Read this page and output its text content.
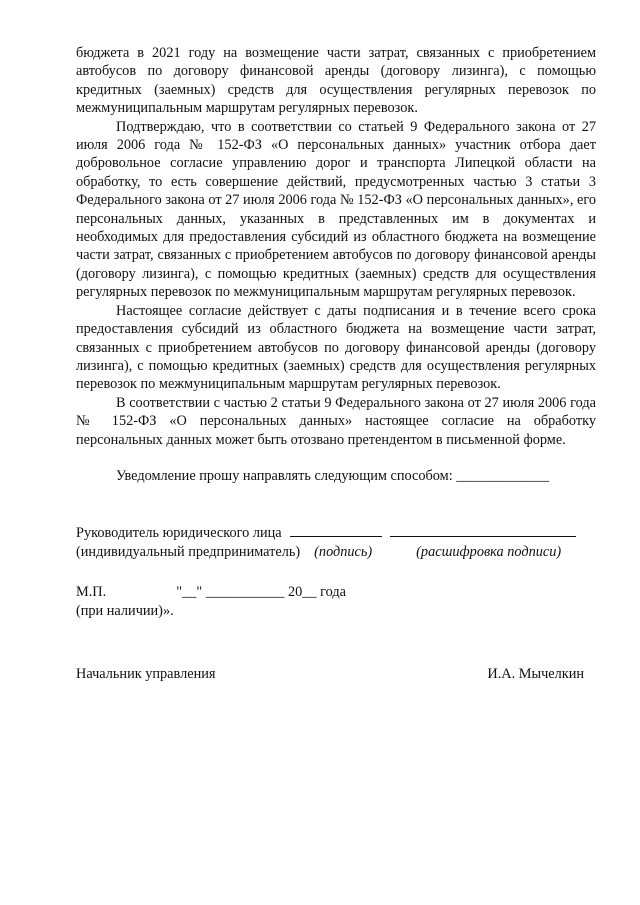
бюджета в 2021 году на возмещение части затрат, связанных с приобретением автобусов по договору финансовой аренды (договору лизинга), с помощью кредитных (заемных) средств для осуществления регулярных перевозок по межмуниципальным маршрутам регулярных перевозок.

Подтверждаю, что в соответствии со статьей 9 Федерального закона от 27 июля 2006 года № 152-ФЗ «О персональных данных» участник отбора дает добровольное согласие управлению дорог и транспорта Липецкой области на обработку, то есть совершение действий, предусмотренных частью 3 статьи 3 Федерального закона от 27 июля 2006 года № 152-ФЗ «О персональных данных», его персональных данных, указанных в представленных им в документах и необходимых для предоставления субсидий из областного бюджета на возмещение части затрат, связанных с приобретением автобусов по договору финансовой аренды (договору лизинга), с помощью кредитных (заемных) средств для осуществления регулярных перевозок по межмуниципальным маршрутам регулярных перевозок.

Настоящее согласие действует с даты подписания и в течение всего срока предоставления субсидий из областного бюджета на возмещение части затрат, связанных с приобретением автобусов по договору финансовой аренды (договору лизинга), с помощью кредитных (заемных) средств для осуществления регулярных перевозок по межмуниципальным маршрутам регулярных перевозок.

В соответствии с частью 2 статьи 9 Федерального закона от 27 июля 2006 года № 152-ФЗ «О персональных данных» настоящее согласие на обработку персональных данных может быть отозвано претендентом в письменной форме.

Уведомление прошу направлять следующим способом: _____________
Руководитель юридического лица
(индивидуальный предприниматель) (подпись)	(расшифровка подписи)
М.П.	"__" ___________ 20__ года
(при наличии)».
Начальник управления	И.А. Мычелкин
